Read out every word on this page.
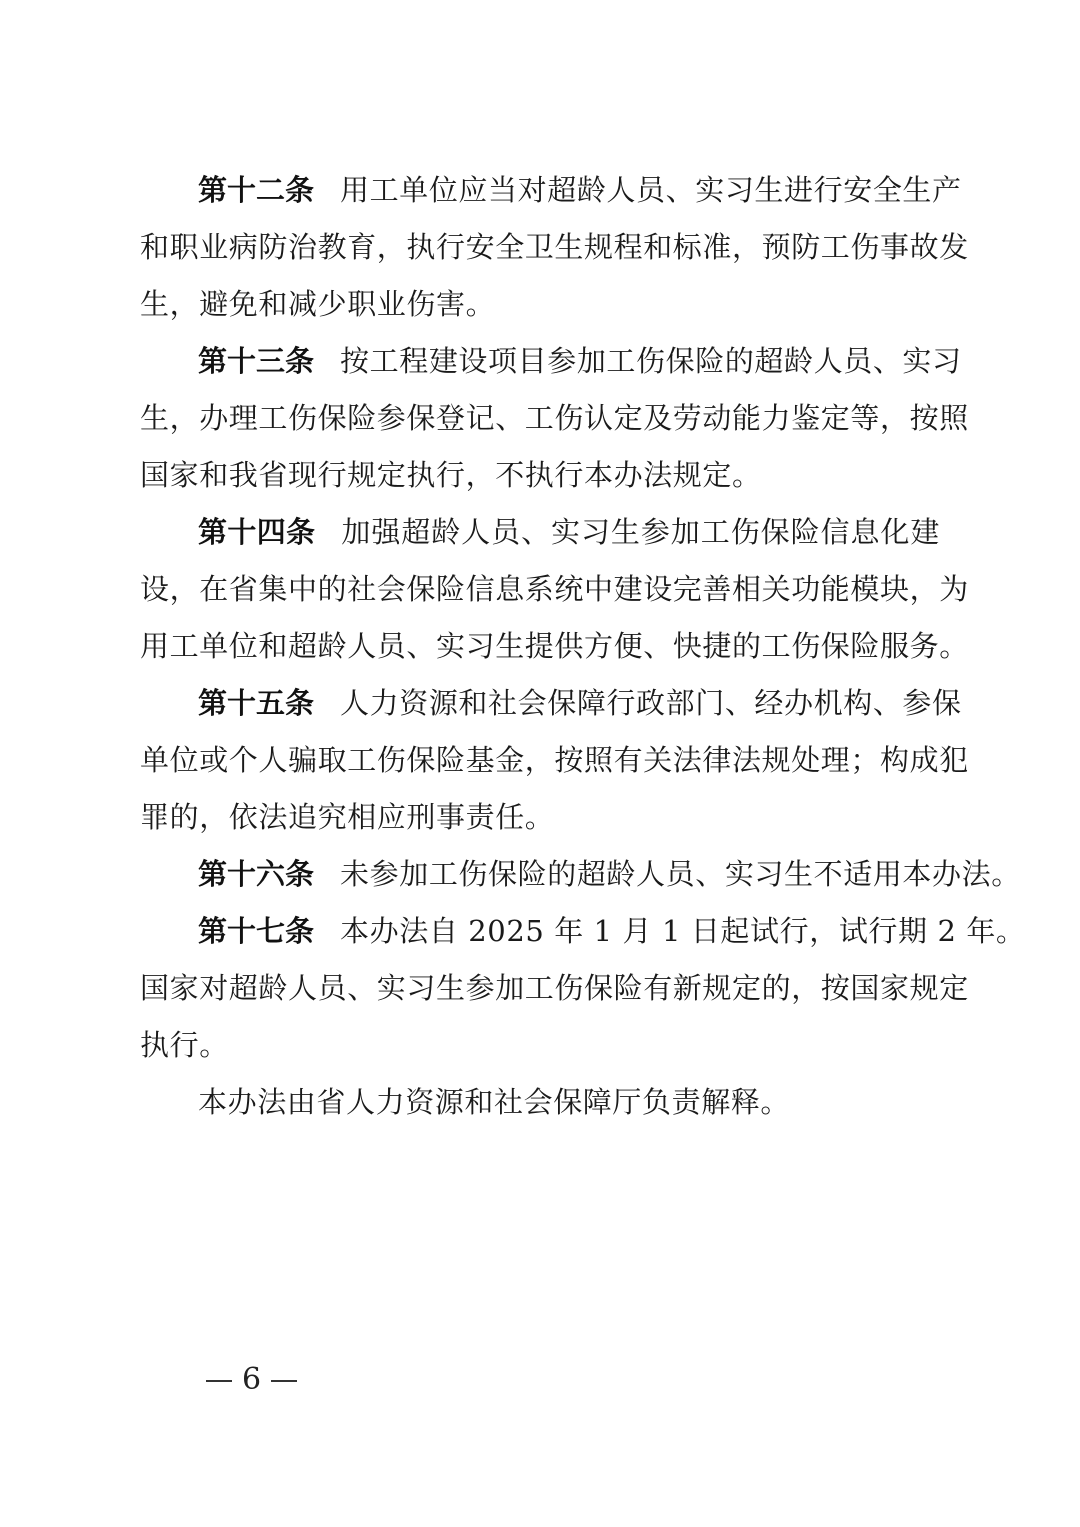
第十二条 用工单位应当对超龄人员、实习生进行安全生产
和职业病防治教育，执行安全卫生规程和标准，预防工伤事故发
生，避免和减少职业伤害。
第十三条 按工程建设项目参加工伤保险的超龄人员、实习
生，办理工伤保险参保登记、工伤认定及劳动能力鉴定等，按照
国家和我省现行规定执行，不执行本办法规定。
第十四条 加强超龄人员、实习生参加工伤保险信息化建
设，在省集中的社会保险信息系统中建设完善相关功能模块，为
用工单位和超龄人员、实习生提供方便、快捷的工伤保险服务。
第十五条 人力资源和社会保障行政部门、经办机构、参保
单位或个人骗取工伤保险基金，按照有关法律法规处理；构成犯
罪的，依法追究相应刑事责任。
第十六条 未参加工伤保险的超龄人员、实习生不适用本办法。
第十七条 本办法自 2025 年 1 月 1 日起试行，试行期 2 年。
国家对超龄人员、实习生参加工伤保险有新规定的，按国家规定
执行。
本办法由省人力资源和社会保障厅负责解释。
6
